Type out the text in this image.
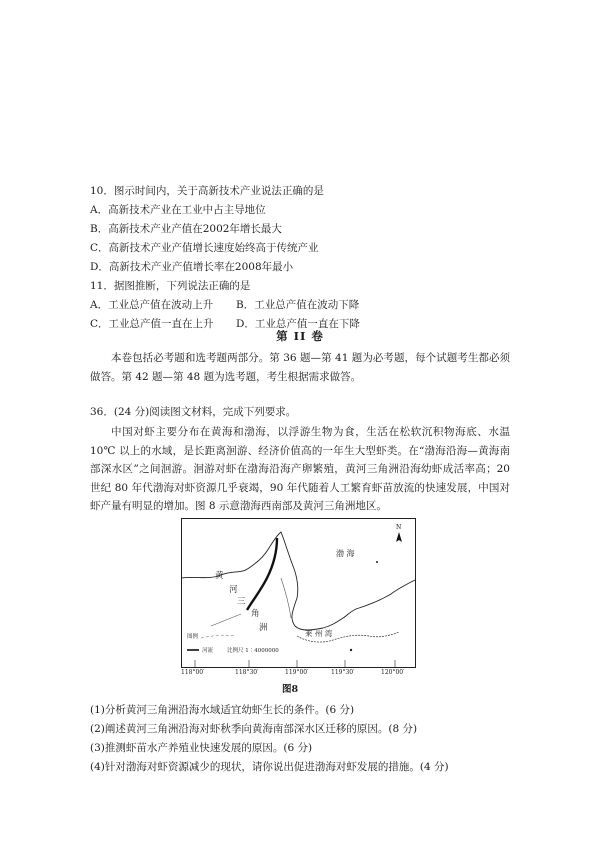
10．图示时间内，关于高新技术产业说法正确的是
A．高新技术产业在工业中占主导地位
B．高新技术产业产值在2002年增长最大
C．高新技术产业产值增长速度始终高于传统产业
D．高新技术产业产值增长率在2008年最小
11．据图推断，下列说法正确的是
A．工业总产值在波动上升 B．工业总产值在波动下降
C．工业总产值一直在上升 D．工业总产值一直在下降
第 II 卷

本卷包括必考题和选考题两部分。第 36 题—第 41 题为必考题，每个试题考生都必须做答。第 42 题—第 48 题为选考题，考生根据需求做答。

36．(24 分)阅读图文材料，完成下列要求。

中国对虾主要分布在黄海和渤海，以浮游生物为食，生活在松软沉积物海底、水温 10℃ 以上的水域，是长距离洄游、经济价值高的一年生大型虾类。在“渤海沿海—黄海南部深水区”之间洄游。洄游对虾在渤海沿海产卵繁殖，黄河三角洲沿海幼虾成活率高；20 世纪 80 年代渤海对虾资源几乎衰竭，90 年代随着人工繁育虾苗放流的快速发展，中国对虾产量有明显的增加。图 8 示意渤海西南部及黄河三角洲地区。

渤 海
黄
河
三
角
洲
莱 州 湾
N
图例
河流	比例尺 1∶4000000
118°00′	118°30′	119°00′	119°30′	120°00′
图8
(1)分析黄河三角洲沿海水域适宜幼虾生长的条件。(6 分)
(2)阐述黄河三角洲沿海对虾秋季向黄海南部深水区迁移的原因。(8 分)
(3)推测虾苗水产养殖业快速发展的原因。(6 分)
(4)针对渤海对虾资源减少的现状，请你说出促进渤海对虾发展的措施。(4 分)
